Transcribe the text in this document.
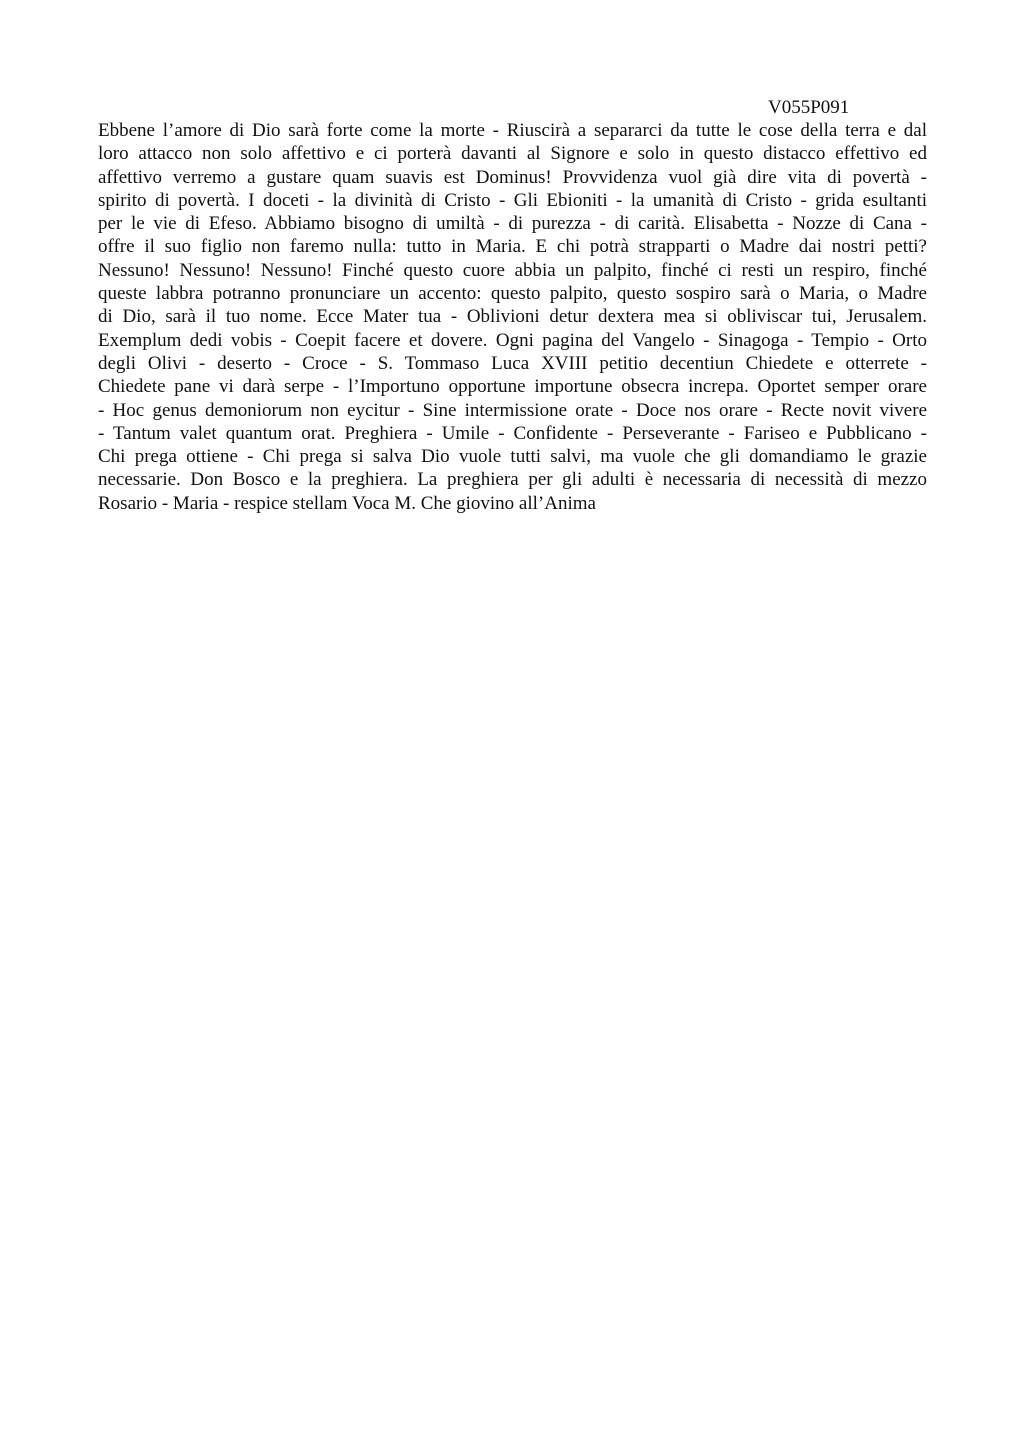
V055P091
Ebbene l’amore di Dio sarà forte come la morte - Riuscirà a separarci da tutte le cose della terra e dal
loro attacco non solo affettivo e ci porterà davanti al Signore e solo in questo distacco effettivo ed
affettivo verremo a gustare quam suavis est Dominus! Provvidenza vuol già dire vita di povertà -
spirito di povertà. I doceti - la divinità di Cristo - Gli Ebioniti - la umanità di Cristo - grida esultanti
per le vie di Efeso. Abbiamo bisogno di umiltà - di purezza - di carità. Elisabetta - Nozze di Cana -
offre il suo figlio non faremo nulla: tutto in Maria. E chi potrà strapparti o Madre dai nostri petti?
Nessuno! Nessuno! Nessuno! Finché questo cuore abbia un palpito, finché ci resti un respiro, finché
queste labbra potranno pronunciare un accento: questo palpito, questo sospiro sarà o Maria, o Madre
di Dio, sarà il tuo nome. Ecce Mater tua - Oblivioni detur dextera mea si obliviscar tui, Jerusalem.
Exemplum dedi vobis - Coepit facere et dovere. Ogni pagina del Vangelo - Sinagoga - Tempio - Orto
degli Olivi - deserto - Croce - S. Tommaso Luca XVIII petitio decentiun Chiedete e otterrete -
Chiedete pane vi darà serpe - l’Importuno opportune importune obsecra increpa. Oportet semper orare
- Hoc genus demoniorum non eycitur - Sine intermissione orate - Doce nos orare - Recte novit vivere
- Tantum valet quantum orat. Preghiera - Umile - Confidente - Perseverante - Fariseo e Pubblicano -
Chi prega ottiene - Chi prega si salva Dio vuole tutti salvi, ma vuole che gli domandiamo le grazie
necessarie. Don Bosco e la preghiera. La preghiera per gli adulti è necessaria di necessità di mezzo
Rosario - Maria - respice stellam Voca M. Che giovino all’Anima
